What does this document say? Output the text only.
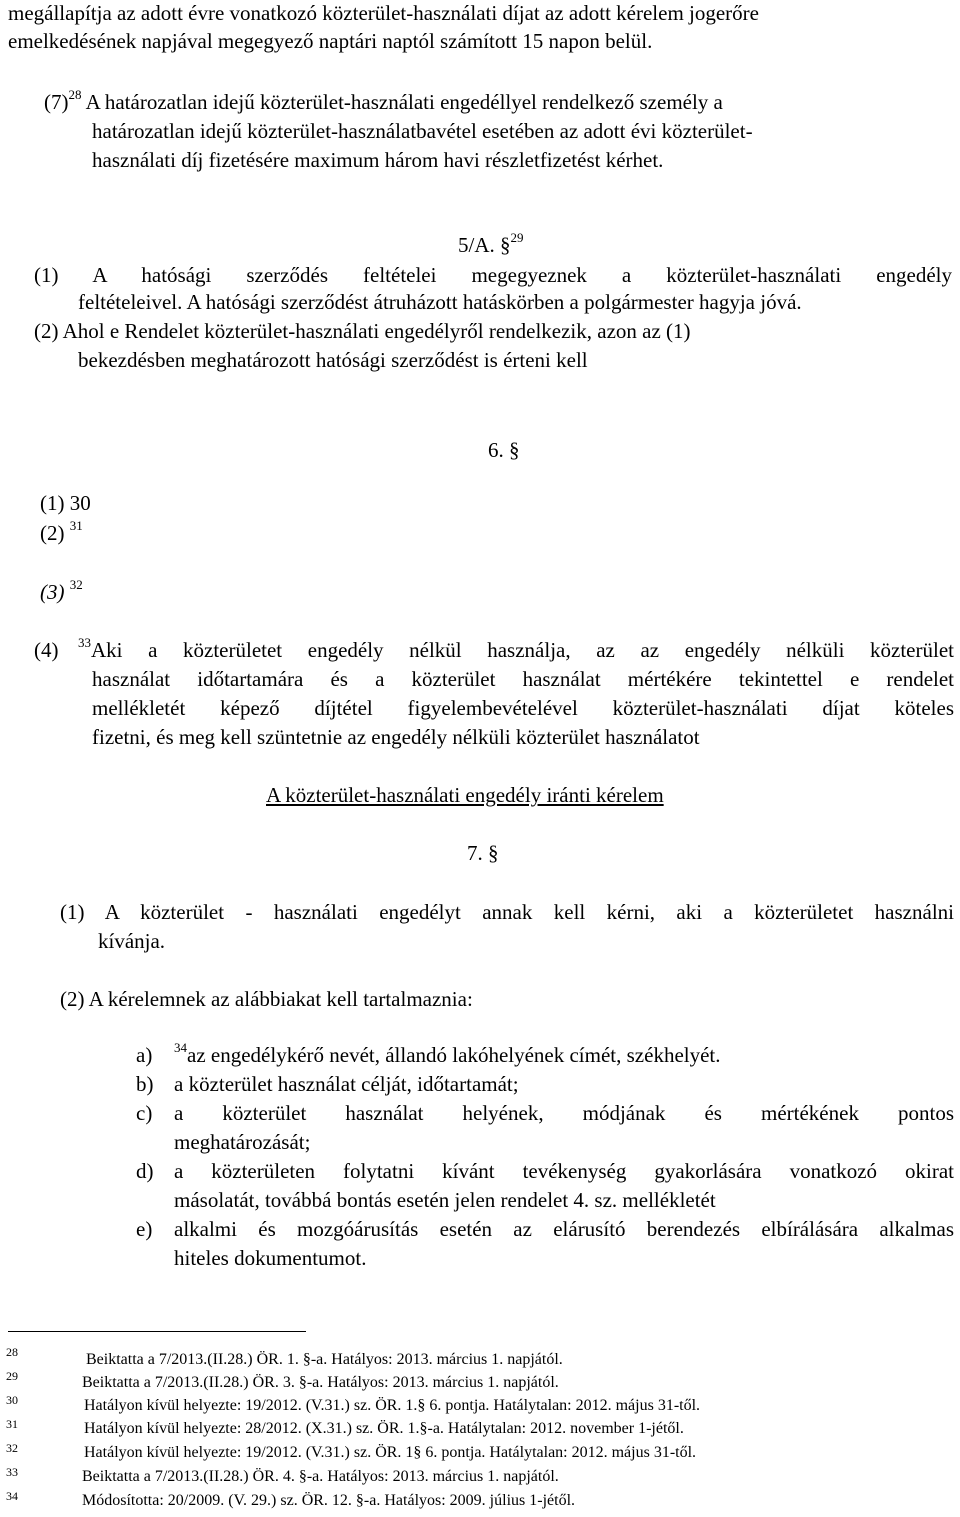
megállapítja az adott évre vonatkozó közterület-használati díjat az adott kérelem jogerőre
emelkedésének napjával megegyező naptári naptól számított 15 napon belül.
$(7)^{28}$ A határozatlan idejű közterület-használati engedéllyel rendelkező személy a
határozatlan idejű közterület-használatbavétel esetében az adott évi közterület-
használati díj fizetésére maximum három havi részletfizetést kérhet.
5/A. §$^{29}$
(1) A hatósági szerződés feltételei megegyeznek a közterület-használati engedély
feltételeivel. A hatósági szerződést átruházott hatáskörben a polgármester hagyja jóvá.
(2) Ahol e Rendelet közterület-használati engedélyről rendelkezik, azon az (1)
bekezdésben meghatározott hatósági szerződést is érteni kell
6. §
(1) 30
(2) $^{31}$
(3) $^{32}$
(4) $^{33}$Aki a közterületet engedély nélkül használja, az az engedély nélküli közterület
használat időtartamára és a közterület használat mértékére tekintettel e rendelet
mellékletét képező díjtétel figyelembevételével közterület-használati díjat köteles
fizetni, és meg kell szüntetnie az engedély nélküli közterület használatot
A közterület-használati engedély iránti kérelem
7. §
(1) A közterület - használati engedélyt annak kell kérni, aki a közterületet használni
kívánja.
(2) A kérelemnek az alábbiakat kell tartalmaznia:
a) $^{34}$az engedélykérő nevét, állandó lakóhelyének címét, székhelyét.
b) a közterület használat célját, időtartamát;
c) a közterület használat helyének, módjának és mértékének pontos
meghatározását;
d) a közterületen folytatni kívánt tevékenység gyakorlására vonatkozó okirat
másolatát, továbbá bontás esetén jelen rendelet 4. sz. mellékletét
e) alkalmi és mozgóárusítás esetén az elárusító berendezés elbírálására alkalmas
hiteles dokumentumot.
28	Beiktatta a 7/2013.(II.28.) ÖR. 1. §-a. Hatályos: 2013. március 1. napjától.
29	Beiktatta a 7/2013.(II.28.) ÖR. 3. §-a. Hatályos: 2013. március 1. napjától.
30	Hatályon kívül helyezte: 19/2012. (V.31.) sz. ÖR. 1.§ 6. pontja. Hatálytalan: 2012. május 31-től.
31	Hatályon kívül helyezte: 28/2012. (X.31.) sz. ÖR. 1.§-a. Hatálytalan: 2012. november 1-jétől.
32	Hatályon kívül helyezte: 19/2012. (V.31.) sz. ÖR. 1§ 6. pontja. Hatálytalan: 2012. május 31-től.
33	Beiktatta a 7/2013.(II.28.) ÖR. 4. §-a. Hatályos: 2013. március 1. napjától.
34	Módosította: 20/2009. (V. 29.) sz. ÖR. 12. §-a. Hatályos: 2009. július 1-jétől.
